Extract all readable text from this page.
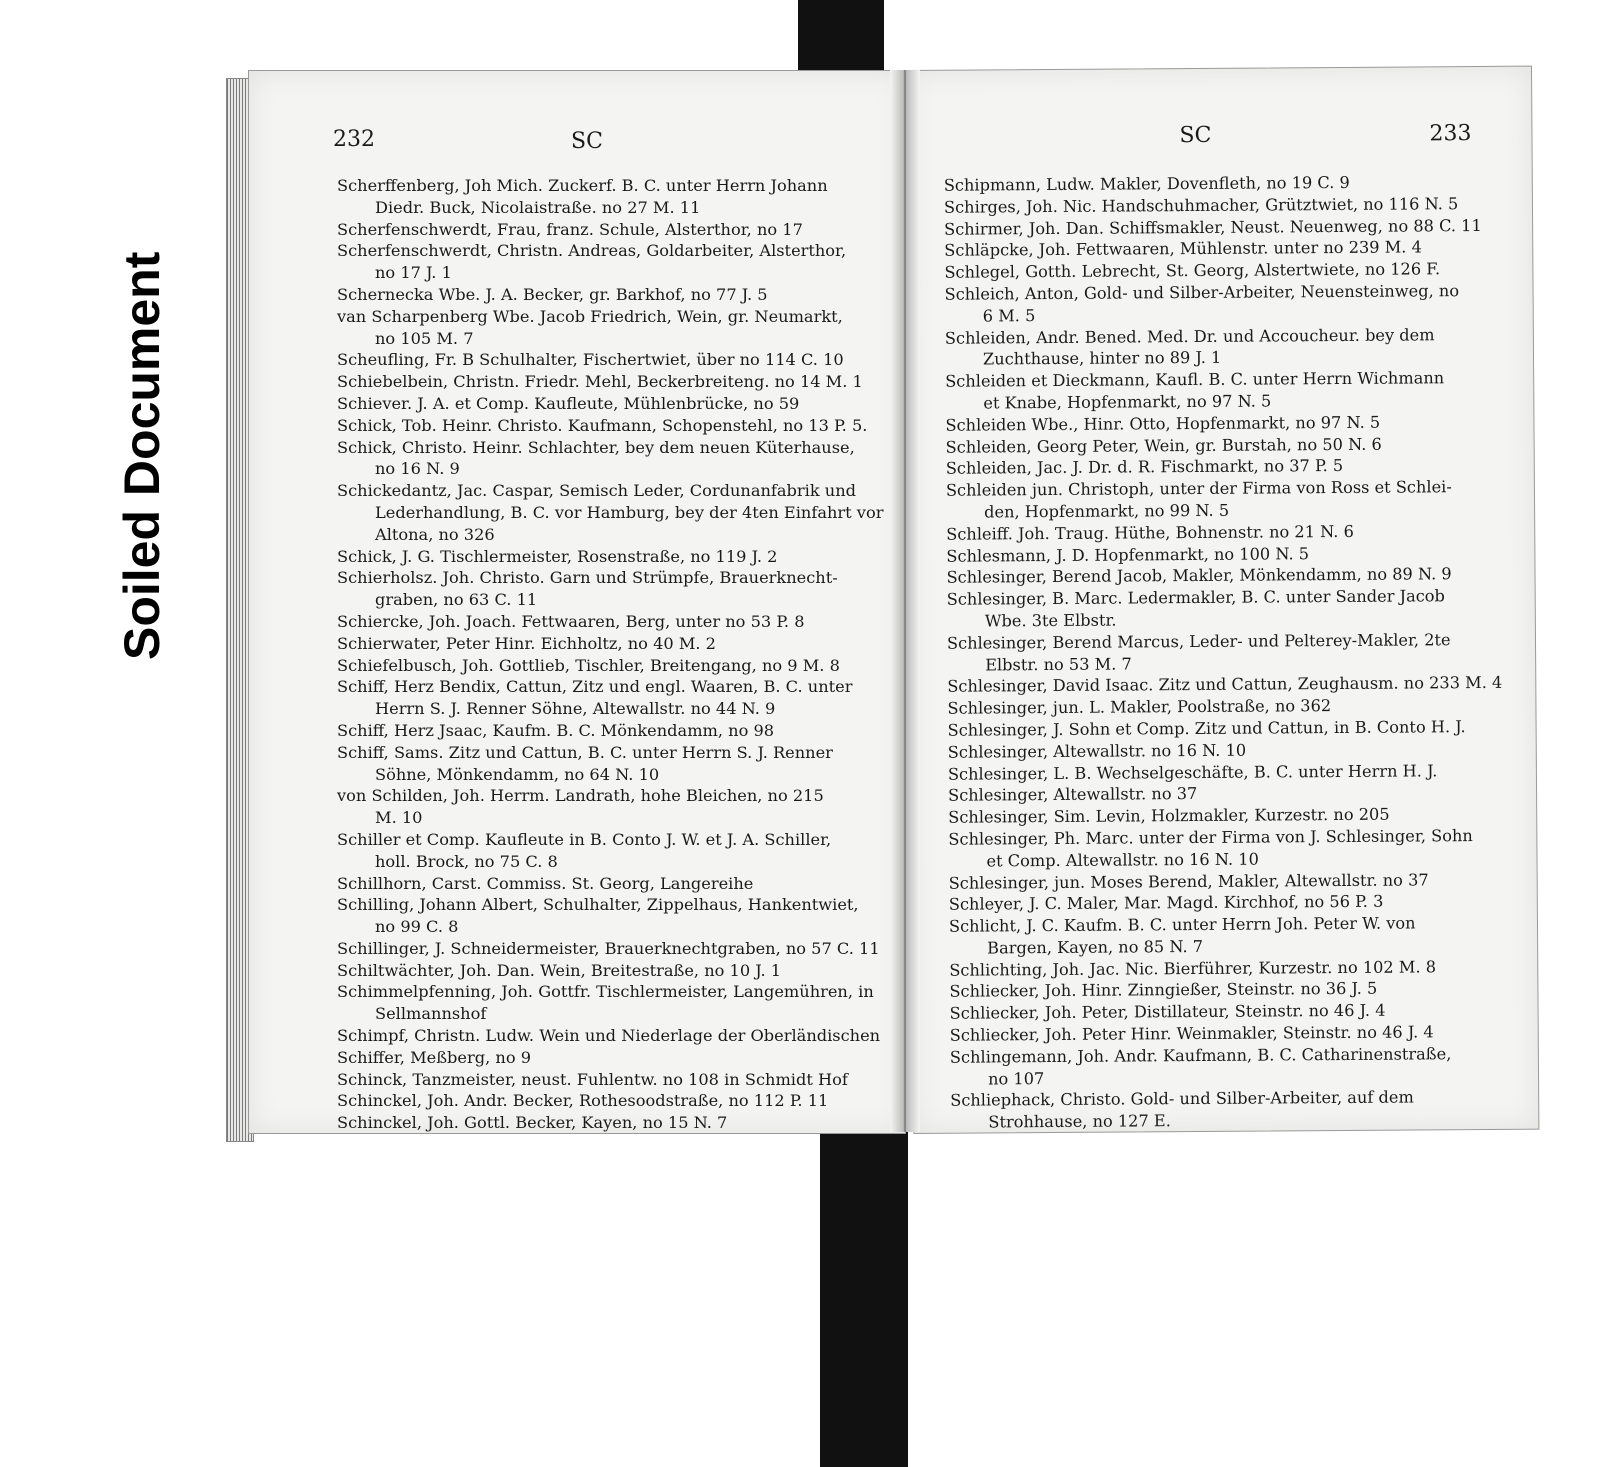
Soiled Document
232	SC
Scherffenberg, Joh Mich. Zuckerf. B. C. unter Herrn Johann
Diedr. Buck, Nicolaistraße. no 27 M. 11
Scherfenschwerdt, Frau, franz. Schule, Alsterthor, no 17
Scherfenschwerdt, Christn. Andreas, Goldarbeiter, Alsterthor,
no 17 J. 1
Schernecka Wbe. J. A. Becker, gr. Barkhof, no 77 J. 5
van Scharpenberg Wbe. Jacob Friedrich, Wein, gr. Neumarkt,
no 105 M. 7
Scheufling, Fr. B Schulhalter, Fischertwiet, über no 114 C. 10
Schiebelbein, Christn. Friedr. Mehl, Beckerbreiteng. no 14 M. 1
Schiever. J. A. et Comp. Kaufleute, Mühlenbrücke, no 59
Schick, Tob. Heinr. Christo. Kaufmann, Schopenstehl, no 13 P. 5.
Schick, Christo. Heinr. Schlachter, bey dem neuen Küterhause,
no 16 N. 9
Schickedantz, Jac. Caspar, Semisch Leder, Cordunanfabrik und
Lederhandlung, B. C. vor Hamburg, bey der 4ten Einfahrt vor
Altona, no 326
Schick, J. G. Tischlermeister, Rosenstraße, no 119 J. 2
Schierholsz. Joh. Christo. Garn und Strümpfe, Brauerknecht-
graben, no 63 C. 11
Schiercke, Joh. Joach. Fettwaaren, Berg, unter no 53 P. 8
Schierwater, Peter Hinr. Eichholtz, no 40 M. 2
Schiefelbusch, Joh. Gottlieb, Tischler, Breitengang, no 9 M. 8
Schiff, Herz Bendix, Cattun, Zitz und engl. Waaren, B. C. unter
Herrn S. J. Renner Söhne, Altewallstr. no 44 N. 9
Schiff, Herz Jsaac, Kaufm. B. C. Mönkendamm, no 98
Schiff, Sams. Zitz und Cattun, B. C. unter Herrn S. J. Renner
Söhne, Mönkendamm, no 64 N. 10
von Schilden, Joh. Herrm. Landrath, hohe Bleichen, no 215
M. 10
Schiller et Comp. Kaufleute in B. Conto J. W. et J. A. Schiller,
holl. Brock, no 75 C. 8
Schillhorn, Carst. Commiss. St. Georg, Langereihe
Schilling, Johann Albert, Schulhalter, Zippelhaus, Hankentwiet,
no 99 C. 8
Schillinger, J. Schneidermeister, Brauerknechtgraben, no 57 C. 11
Schiltwächter, Joh. Dan. Wein, Breitestraße, no 10 J. 1
Schimmelpfenning, Joh. Gottfr. Tischlermeister, Langemühren, in
Sellmannshof
Schimpf, Christn. Ludw. Wein und Niederlage der Oberländischen
Schiffer, Meßberg, no 9
Schinck, Tanzmeister, neust. Fuhlentw. no 108 in Schmidt Hof
Schinckel, Joh. Andr. Becker, Rothesoodstraße, no 112 P. 11
Schinckel, Joh. Gottl. Becker, Kayen, no 15 N. 7
SC	233
Schipmann, Ludw. Makler, Dovenfleth, no 19 C. 9
Schirges, Joh. Nic. Handschuhmacher, Grütztwiet, no 116 N. 5
Schirmer, Joh. Dan. Schiffsmakler, Neust. Neuenweg, no 88 C. 11
Schläpcke, Joh. Fettwaaren, Mühlenstr. unter no 239 M. 4
Schlegel, Gotth. Lebrecht, St. Georg, Alstertwiete, no 126 F.
Schleich, Anton, Gold- und Silber-Arbeiter, Neuensteinweg, no
6 M. 5
Schleiden, Andr. Bened. Med. Dr. und Accoucheur. bey dem
Zuchthause, hinter no 89 J. 1
Schleiden et Dieckmann, Kaufl. B. C. unter Herrn Wichmann
et Knabe, Hopfenmarkt, no 97 N. 5
Schleiden Wbe., Hinr. Otto, Hopfenmarkt, no 97 N. 5
Schleiden, Georg Peter, Wein, gr. Burstah, no 50 N. 6
Schleiden, Jac. J. Dr. d. R. Fischmarkt, no 37 P. 5
Schleiden jun. Christoph, unter der Firma von Ross et Schlei-
den, Hopfenmarkt, no 99 N. 5
Schleiff. Joh. Traug. Hüthe, Bohnenstr. no 21 N. 6
Schlesmann, J. D. Hopfenmarkt, no 100 N. 5
Schlesinger, Berend Jacob, Makler, Mönkendamm, no 89 N. 9
Schlesinger, B. Marc. Ledermakler, B. C. unter Sander Jacob
Wbe. 3te Elbstr.
Schlesinger, Berend Marcus, Leder- und Pelterey-Makler, 2te
Elbstr. no 53 M. 7
Schlesinger, David Isaac. Zitz und Cattun, Zeughausm. no 233 M. 4
Schlesinger, jun. L. Makler, Poolstraße, no 362
Schlesinger, J. Sohn et Comp. Zitz und Cattun, in B. Conto H. J.
Schlesinger, Altewallstr. no 16 N. 10
Schlesinger, L. B. Wechselgeschäfte, B. C. unter Herrn H. J.
Schlesinger, Altewallstr. no 37
Schlesinger, Sim. Levin, Holzmakler, Kurzestr. no 205
Schlesinger, Ph. Marc. unter der Firma von J. Schlesinger, Sohn
et Comp. Altewallstr. no 16 N. 10
Schlesinger, jun. Moses Berend, Makler, Altewallstr. no 37
Schleyer, J. C. Maler, Mar. Magd. Kirchhof, no 56 P. 3
Schlicht, J. C. Kaufm. B. C. unter Herrn Joh. Peter W. von
Bargen, Kayen, no 85 N. 7
Schlichting, Joh. Jac. Nic. Bierführer, Kurzestr. no 102 M. 8
Schliecker, Joh. Hinr. Zinngießer, Steinstr. no 36 J. 5
Schliecker, Joh. Peter, Distillateur, Steinstr. no 46 J. 4
Schliecker, Joh. Peter Hinr. Weinmakler, Steinstr. no 46 J. 4
Schlingemann, Joh. Andr. Kaufmann, B. C. Catharinenstraße,
no 107
Schliephack, Christo. Gold- und Silber-Arbeiter, auf dem
Strohhause, no 127 E.
